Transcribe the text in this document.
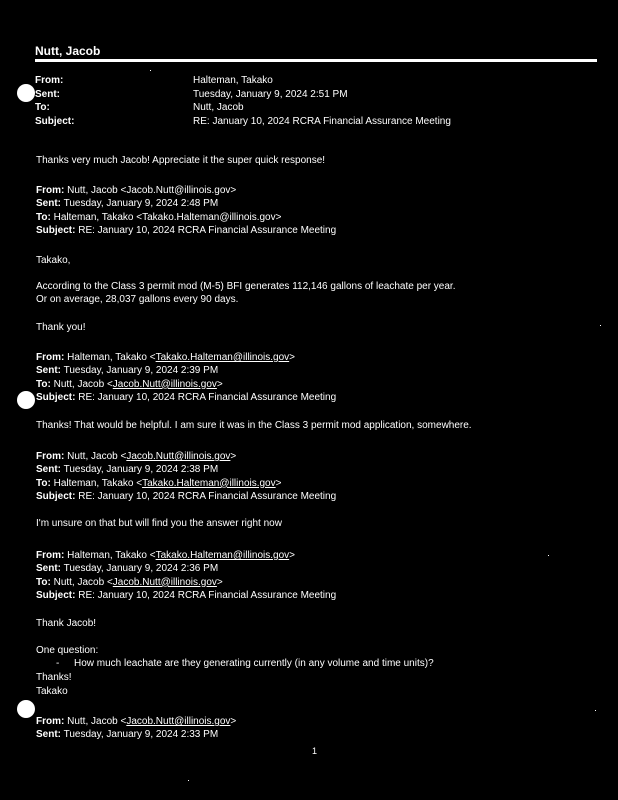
Nutt, Jacob
From:	Halteman, Takako
Sent:	Tuesday, January 9, 2024 2:51 PM
To:	Nutt, Jacob
Subject:	RE: January 10, 2024 RCRA Financial Assurance Meeting
Thanks very much Jacob! Appreciate it the super quick response!
From: Nutt, Jacob <Jacob.Nutt@illinois.gov>
Sent: Tuesday, January 9, 2024 2:48 PM
To: Halteman, Takako <Takako.Halteman@illinois.gov>
Subject: RE: January 10, 2024 RCRA Financial Assurance Meeting
Takako,
According to the Class 3 permit mod (M-5) BFI generates 112,146 gallons of leachate per year.
Or on average, 28,037 gallons every 90 days.
Thank you!
From: Halteman, Takako <Takako.Halteman@illinois.gov>
Sent: Tuesday, January 9, 2024 2:39 PM
To: Nutt, Jacob <Jacob.Nutt@illinois.gov>
Subject: RE: January 10, 2024 RCRA Financial Assurance Meeting
Thanks! That would be helpful. I am sure it was in the Class 3 permit mod application, somewhere.
From: Nutt, Jacob <Jacob.Nutt@illinois.gov>
Sent: Tuesday, January 9, 2024 2:38 PM
To: Halteman, Takako <Takako.Halteman@illinois.gov>
Subject: RE: January 10, 2024 RCRA Financial Assurance Meeting
I'm unsure on that but will find you the answer right now
From: Halteman, Takako <Takako.Halteman@illinois.gov>
Sent: Tuesday, January 9, 2024 2:36 PM
To: Nutt, Jacob <Jacob.Nutt@illinois.gov>
Subject: RE: January 10, 2024 RCRA Financial Assurance Meeting
Thank Jacob!
One question:
- How much leachate are they generating currently (in any volume and time units)?
Thanks!
Takako
From: Nutt, Jacob <Jacob.Nutt@illinois.gov>
Sent: Tuesday, January 9, 2024 2:33 PM
1
